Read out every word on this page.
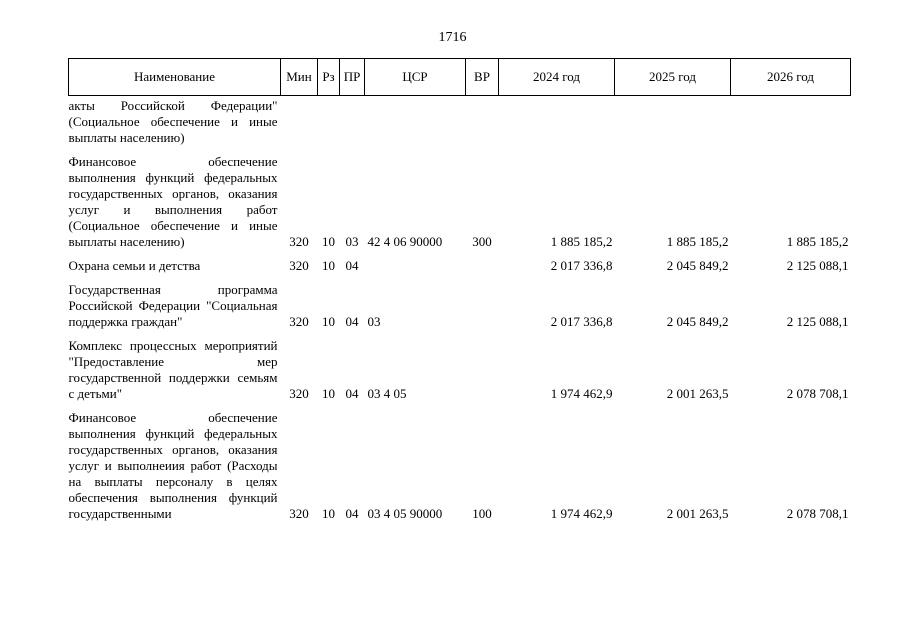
1716
Наименование	Мин	Рз	ПР	ЦСР	ВР	2024 год	2025 год	2026 год
акты Российской Федерации" (Социальное обеспечение и иные выплаты населению)								
Финансовое обеспечение выполнения функций федеральных государственных органов, оказания услуг и выполнения работ (Социальное обеспечение и иные выплаты населению)	320	10	03	42 4 06 90000	300	1 885 185,2	1 885 185,2	1 885 185,2
Охрана семьи и детства	320	10	04			2 017 336,8	2 045 849,2	2 125 088,1
Государственная программа Российской Федерации "Социальная поддержка граждан"	320	10	04	03		2 017 336,8	2 045 849,2	2 125 088,1
Комплекс процессных мероприятий "Предоставление мер государственной поддержки семьям с детьми"	320	10	04	03 4 05		1 974 462,9	2 001 263,5	2 078 708,1
Финансовое обеспечение выполнения функций федеральных государственных органов, оказания услуг и выполнеиия работ (Расходы на выплаты персоналу в целях обеспечения выполнения функций государственными	320	10	04	03 4 05 90000	100	1 974 462,9	2 001 263,5	2 078 708,1
